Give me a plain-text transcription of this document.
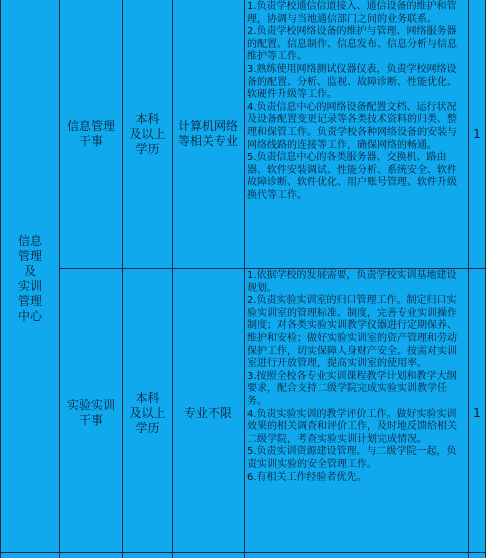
信息
管理
及
实训
管理
中心
信息管理
干事
本科
及以上
学历
计算机网络
等相关专业

1.负责学校通信信道接入、通信设备的维护和管理，协调与当地通信部门之间的业务联系。

2.负责学校网络设备的维护与管理、网络服务器的配置、信息制作、信息发布、信息分析与信息维护等工作。

3.熟练使用网络测试仪器仪表，负责学校网络设备的配置、分析、监视、故障诊断、性能优化、软硬件升级等工作。

4.负责信息中心的网络设备配置文档、运行状况及设备配置变更记录等各类技术资料的归类、整理和保管工作。负责学校各种网络设备的安装与网络线路的连接等工作，确保网络的畅通。

5.负责信息中心的各类服务器、交换机、路由器、软件安装调试、性能分析、系统安全、软件故障诊断、软件优化、用户账号管理、软件升级换代等工作。

1
实验实训
干事
本科
及以上
学历
专业不限

1.依据学校的发展需要，负责学校实训基地建设规划。

2.负责实验实训室的归口管理工作。制定归口实验实训室的管理标准、制度，完善专业实训操作制度；对各类实验实训教学仪器进行定期保养、维护和安检；做好实验实训室的资产管理和劳动保护工作，切实保障人身财产安全。按需对实训室进行开放管理，提高实训室的使用率。

3.按照全校各专业实训课程教学计划和教学大纲要求，配合支持二级学院完成实验实训教学任务。

4.负责实验实训的教学评价工作。做好实验实训效果的相关调查和评价工作，及时地反馈给相关二级学院，考查实验实训计划完成情况。

5.负责实训资源建设管理。与二级学院一起，负责实训实验的安全管理工作。

6.有相关工作经验者优先。

1
